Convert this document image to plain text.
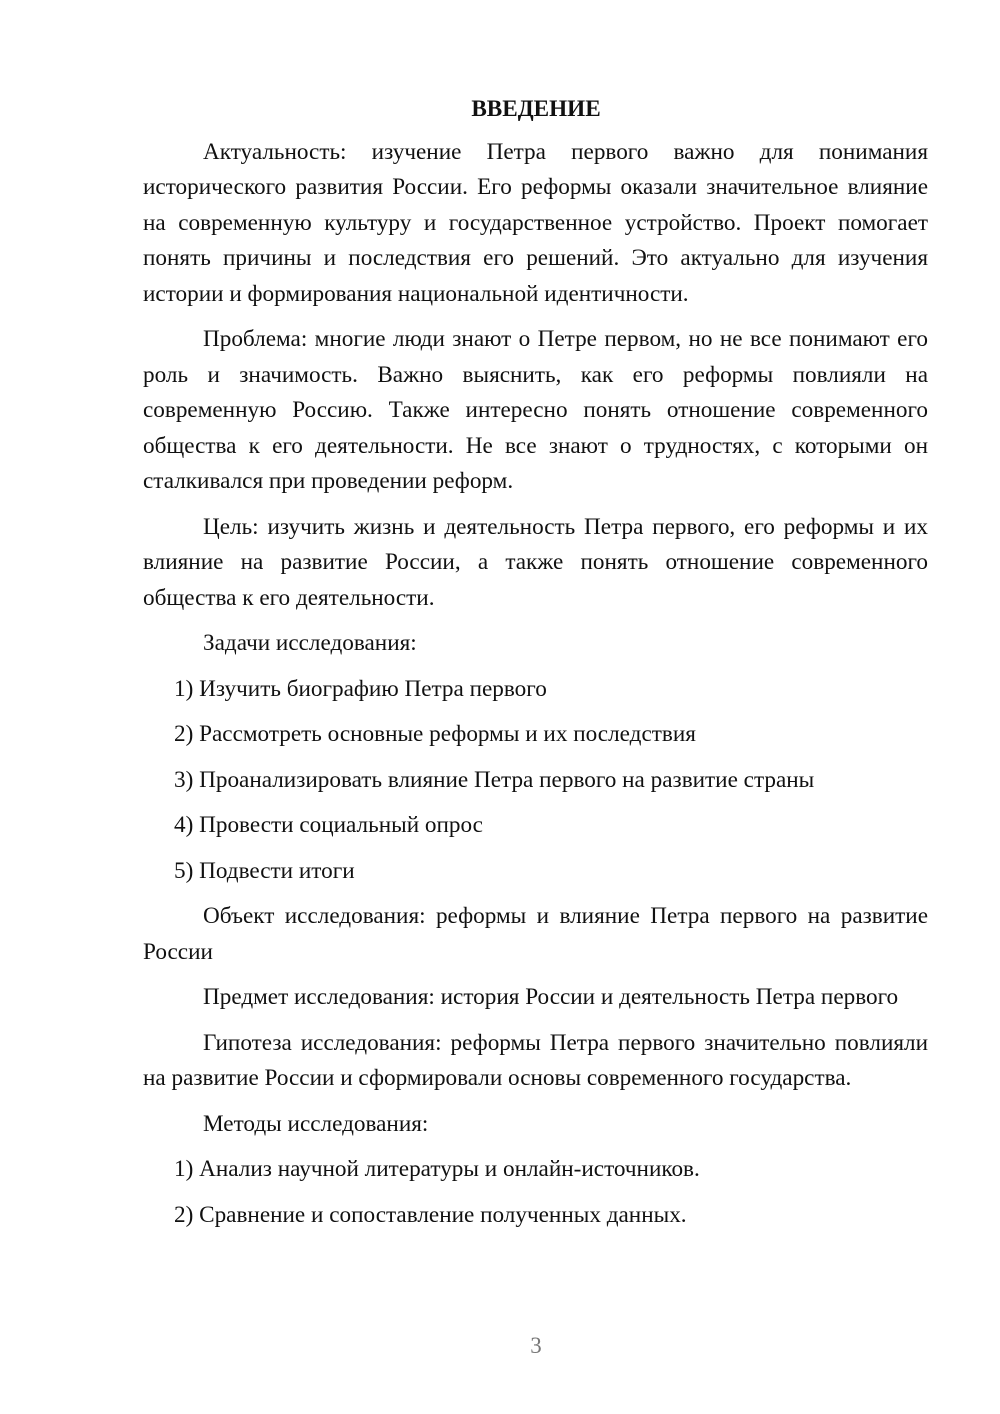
ВВЕДЕНИЕ

Актуальность: изучение Петра первого важно для понимания исторического развития России. Его реформы оказали значительное влияние на современную культуру и государственное устройство. Проект помогает понять причины и последствия его решений. Это актуально для изучения истории и формирования национальной идентичности.

Проблема: многие люди знают о Петре первом, но не все понимают его роль и значимость. Важно выяснить, как его реформы повлияли на современную Россию. Также интересно понять отношение современного общества к его деятельности. Не все знают о трудностях, с которыми он сталкивался при проведении реформ.

Цель: изучить жизнь и деятельность Петра первого, его реформы и их влияние на развитие России, а также понять отношение современного общества к его деятельности.

Задачи исследования:

1) Изучить биографию Петра первого

2) Рассмотреть основные реформы и их последствия

3) Проанализировать влияние Петра первого на развитие страны

4) Провести социальный опрос

5) Подвести итоги

Объект исследования: реформы и влияние Петра первого на развитие России

Предмет исследования: история России и деятельность Петра первого

Гипотеза исследования: реформы Петра первого значительно повлияли на развитие России и сформировали основы современного государства.

Методы исследования:

1) Анализ научной литературы и онлайн-источников.

2) Сравнение и сопоставление полученных данных.

3
